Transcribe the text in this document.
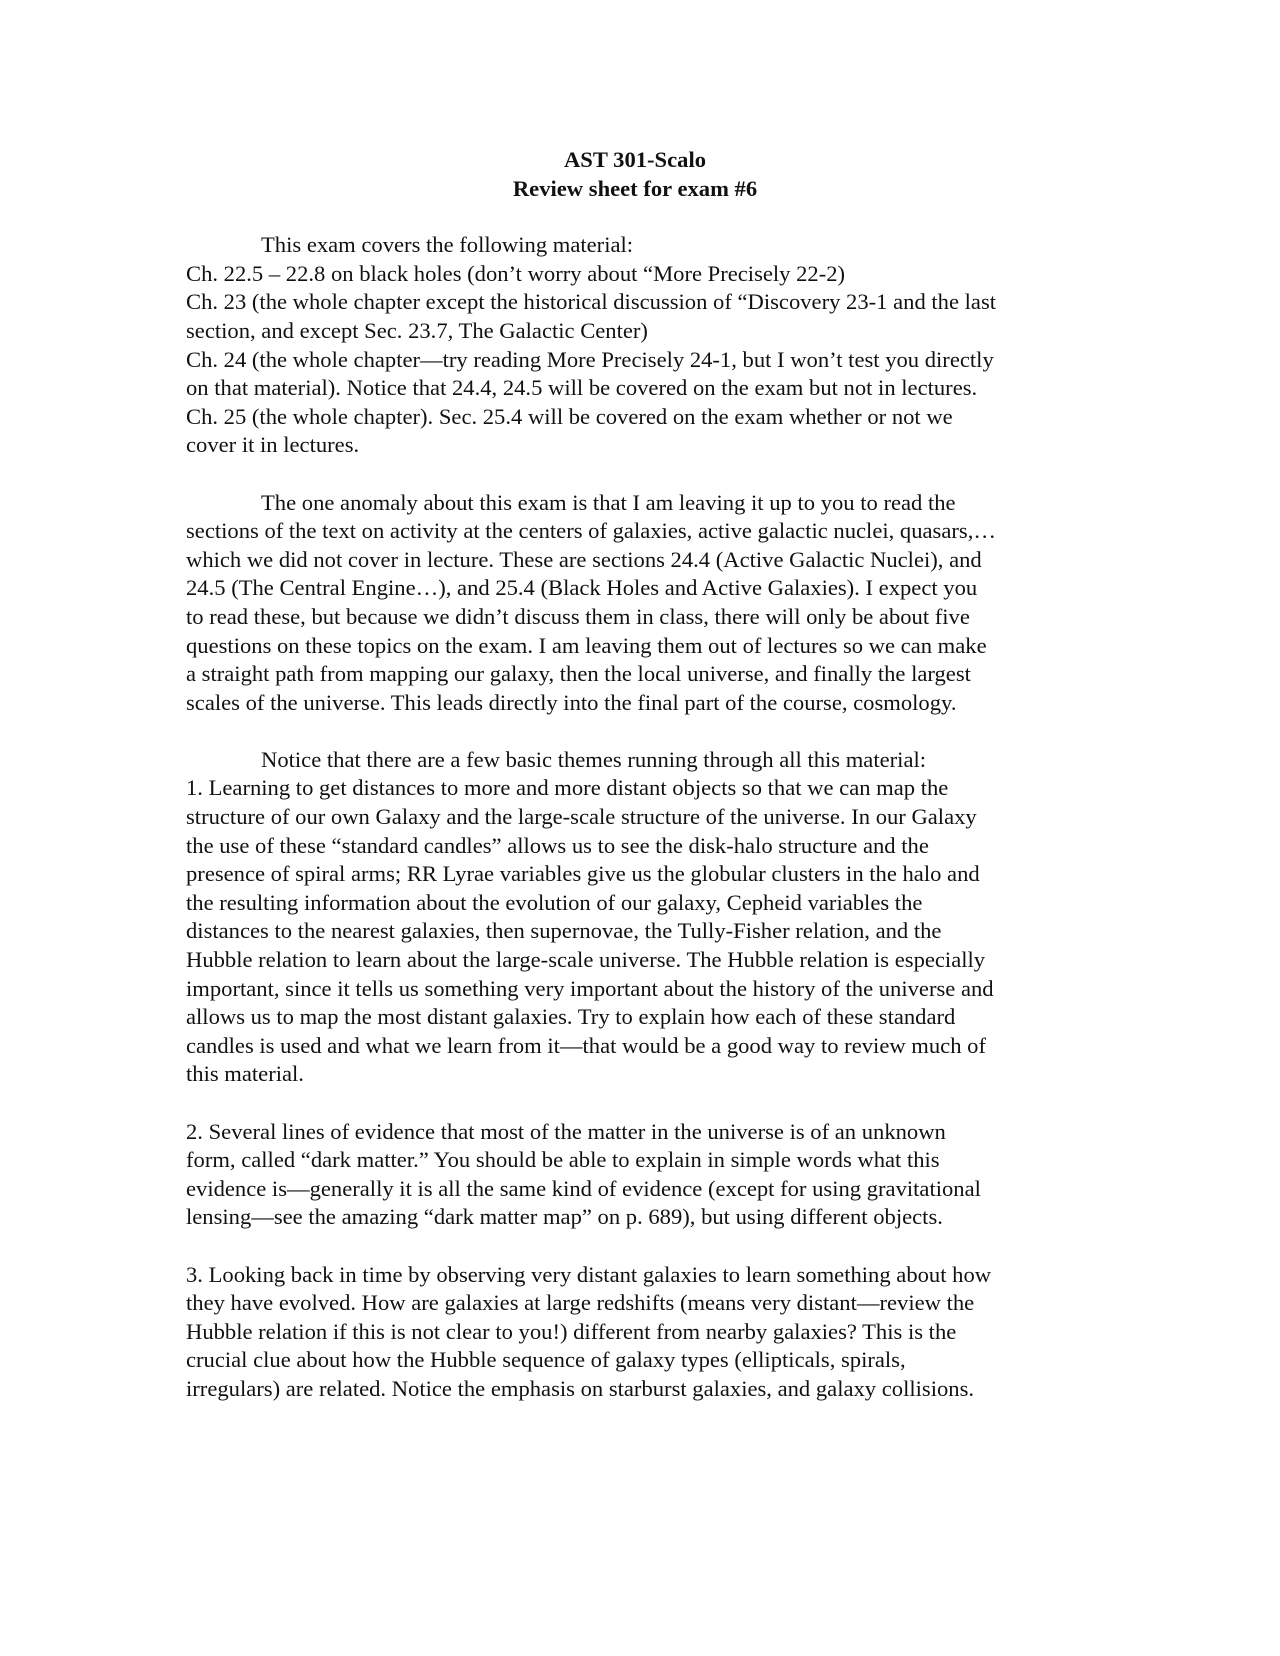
AST 301-Scalo
Review sheet for exam #6
This exam covers the following material:
Ch. 22.5 – 22.8 on black holes (don’t worry about “More Precisely 22-2)
Ch. 23 (the whole chapter except the historical discussion of “Discovery 23-1 and the last
section, and except Sec. 23.7, The Galactic Center)
Ch. 24 (the whole chapter—try reading More Precisely 24-1, but I won’t test you directly
on that material). Notice that 24.4, 24.5 will be covered on the exam but not in lectures.
Ch. 25 (the whole chapter). Sec. 25.4 will be covered on the exam whether or not we
cover it in lectures.
The one anomaly about this exam is that I am leaving it up to you to read the
sections of the text on activity at the centers of galaxies, active galactic nuclei, quasars,…
which we did not cover in lecture. These are sections 24.4 (Active Galactic Nuclei), and
24.5 (The Central Engine…), and 25.4 (Black Holes and Active Galaxies). I expect you
to read these, but because we didn’t discuss them in class, there will only be about five
questions on these topics on the exam. I am leaving them out of lectures so we can make
a straight path from mapping our galaxy, then the local universe, and finally the largest
scales of the universe. This leads directly into the final part of the course, cosmology.
Notice that there are a few basic themes running through all this material:
1. Learning to get distances to more and more distant objects so that we can map the
structure of our own Galaxy and the large-scale structure of the universe. In our Galaxy
the use of these “standard candles” allows us to see the disk-halo structure and the
presence of spiral arms; RR Lyrae variables give us the globular clusters in the halo and
the resulting information about the evolution of our galaxy, Cepheid variables the
distances to the nearest galaxies, then supernovae, the Tully-Fisher relation, and the
Hubble relation to learn about the large-scale universe. The Hubble relation is especially
important, since it tells us something very important about the history of the universe and
allows us to map the most distant galaxies. Try to explain how each of these standard
candles is used and what we learn from it—that would be a good way to review much of
this material.
2. Several lines of evidence that most of the matter in the universe is of an unknown
form, called “dark matter.” You should be able to explain in simple words what this
evidence is—generally it is all the same kind of evidence (except for using gravitational
lensing—see the amazing “dark matter map” on p. 689), but using different objects.
3. Looking back in time by observing very distant galaxies to learn something about how
they have evolved. How are galaxies at large redshifts (means very distant—review the
Hubble relation if this is not clear to you!) different from nearby galaxies? This is the
crucial clue about how the Hubble sequence of galaxy types (ellipticals, spirals,
irregulars) are related. Notice the emphasis on starburst galaxies, and galaxy collisions.
